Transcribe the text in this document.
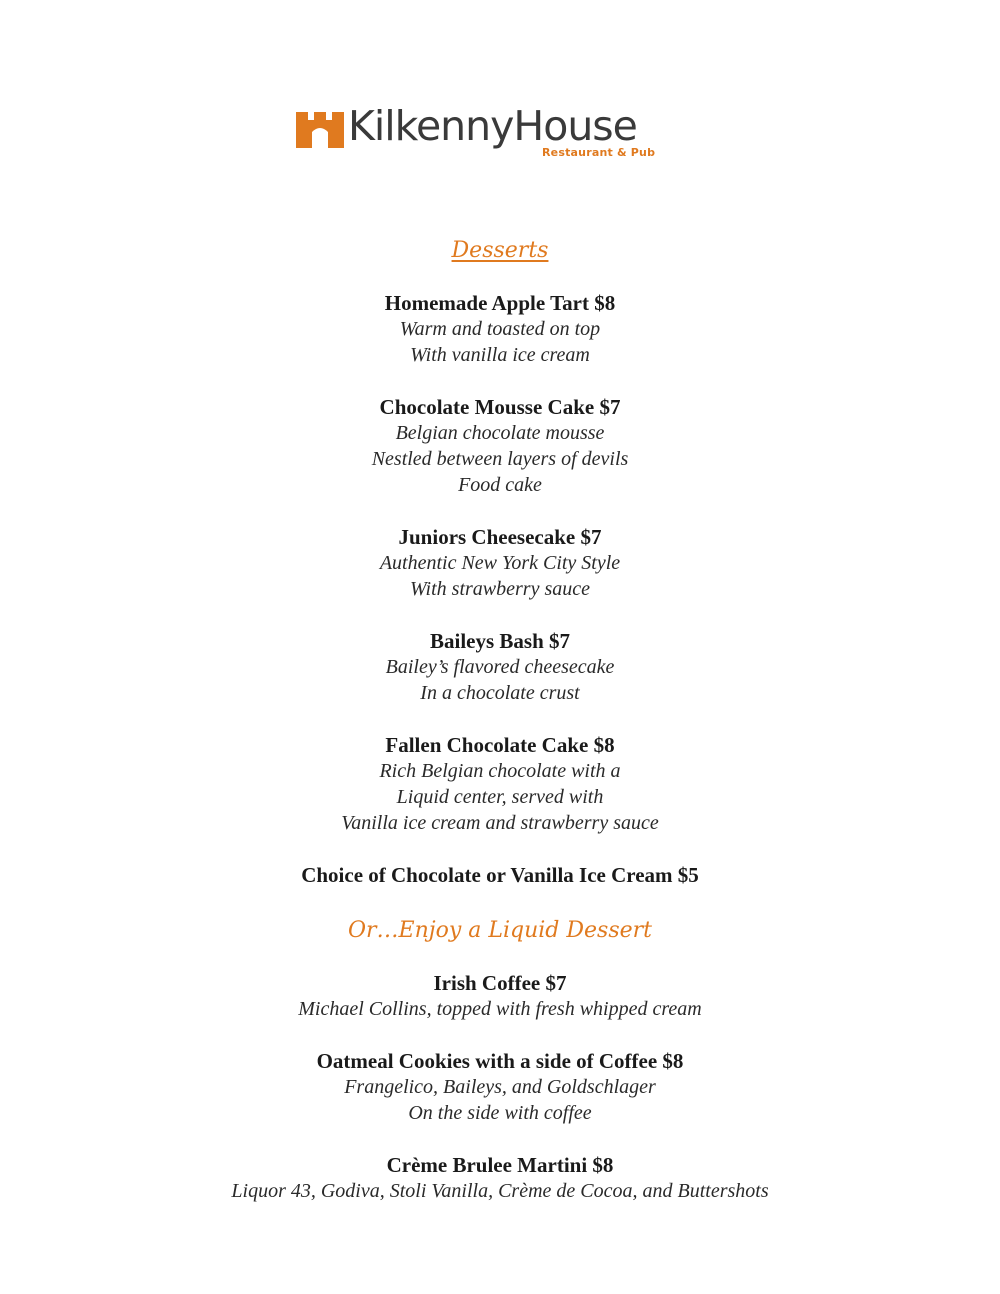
KilkennyHouse
Restaurant & Pub

Desserts

Homemade Apple Tart $8
Warm and toasted on top
With vanilla ice cream
Chocolate Mousse Cake $7
Belgian chocolate mousse
Nestled between layers of devils
Food cake
Juniors Cheesecake $7
Authentic New York City Style
With strawberry sauce
Baileys Bash $7
Bailey’s flavored cheesecake
In a chocolate crust
Fallen Chocolate Cake $8
Rich Belgian chocolate with a
Liquid center, served with
Vanilla ice cream and strawberry sauce
Choice of Chocolate or Vanilla Ice Cream $5

Or…Enjoy a Liquid Dessert

Irish Coffee $7
Michael Collins, topped with fresh whipped cream
Oatmeal Cookies with a side of Coffee $8
Frangelico, Baileys, and Goldschlager
On the side with coffee
Crème Brulee Martini $8
Liquor 43, Godiva, Stoli Vanilla, Crème de Cocoa, and Buttershots
